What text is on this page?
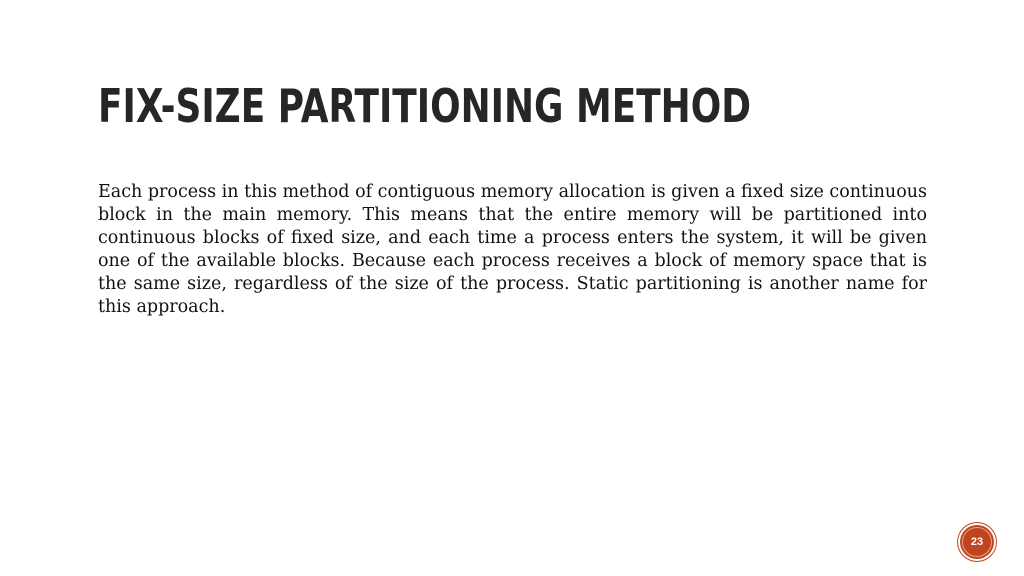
FIX-SIZE PARTITIONING METHOD

Each process in this method of contiguous memory allocation is given a fixed size continuous block in the main memory. This means that the entire memory will be partitioned into continuous blocks of fixed size, and each time a process enters the system, it will be given one of the available blocks. Because each process receives a block of memory space that is the same size, regardless of the size of the process. Static partitioning is another name for this approach.

23
